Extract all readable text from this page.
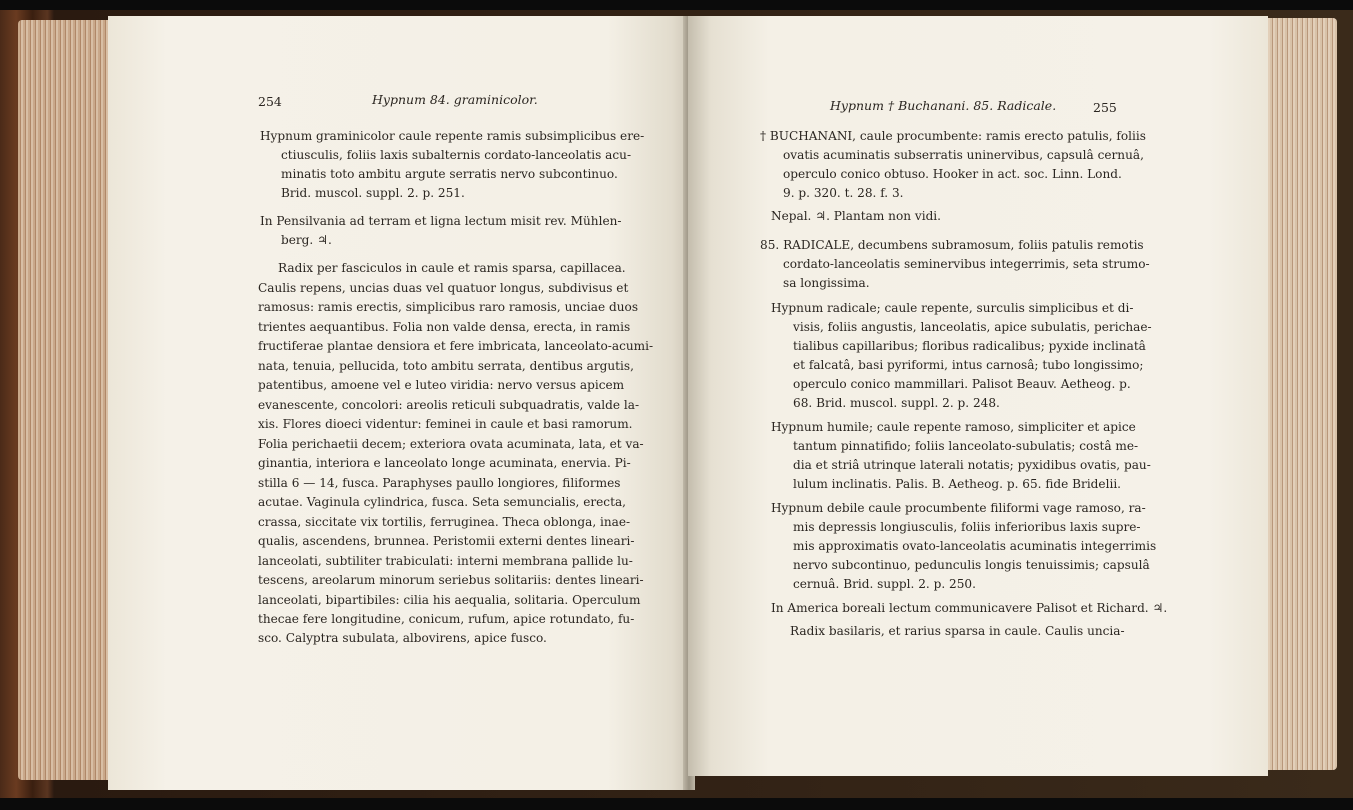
254	Hypnum 84. graminicolor.
Hypnum graminicolor caule repente ramis subsimplicibus ere-
ctiusculis, foliis laxis subalternis cordato-lanceolatis acu-
minatis toto ambitu argute serratis nervo subcontinuo.
Brid. muscol. suppl. 2. p. 251.
In Pensilvania ad terram et ligna lectum misit rev. Mühlen-
berg. ♃.
Radix per fasciculos in caule et ramis sparsa, capillacea.
Caulis repens, uncias duas vel quatuor longus, subdivisus et
ramosus: ramis erectis, simplicibus raro ramosis, unciae duos
trientes aequantibus. Folia non valde densa, erecta, in ramis
fructiferae plantae densiora et fere imbricata, lanceolato-acumi-
nata, tenuia, pellucida, toto ambitu serrata, dentibus argutis,
patentibus, amoene vel e luteo viridia: nervo versus apicem
evanescente, concolori: areolis reticuli subquadratis, valde la-
xis. Flores dioeci videntur: feminei in caule et basi ramorum.
Folia perichaetii decem; exteriora ovata acuminata, lata, et va-
ginantia, interiora e lanceolato longe acuminata, enervia. Pi-
stilla 6 — 14, fusca. Paraphyses paullo longiores, filiformes
acutae. Vaginula cylindrica, fusca. Seta semuncialis, erecta,
crassa, siccitate vix tortilis, ferruginea. Theca oblonga, inae-
qualis, ascendens, brunnea. Peristomii externi dentes lineari-
lanceolati, subtiliter trabiculati: interni membrana pallide lu-
tescens, areolarum minorum seriebus solitariis: dentes lineari-
lanceolati, bipartibiles: cilia his aequalia, solitaria. Operculum
thecae fere longitudine, conicum, rufum, apice rotundato, fu-
sco. Calyptra subulata, albovirens, apice fusco.
Hypnum † Buchanani. 85. Radicale.	255
† BUCHANANI, caule procumbente: ramis erecto patulis, foliis
ovatis acuminatis subserratis uninervibus, capsulâ cernuâ,
operculo conico obtuso. Hooker in act. soc. Linn. Lond.
9. p. 320. t. 28. f. 3.
Nepal. ♃. Plantam non vidi.
85. RADICALE, decumbens subramosum, foliis patulis remotis
cordato-lanceolatis seminervibus integerrimis, seta strumo-
sa longissima.
Hypnum radicale; caule repente, surculis simplicibus et di-
visis, foliis angustis, lanceolatis, apice subulatis, perichae-
tialibus capillaribus; floribus radicalibus; pyxide inclinatâ
et falcatâ, basi pyriformi, intus carnosâ; tubo longissimo;
operculo conico mammillari. Palisot Beauv. Aetheog. p.
68. Brid. muscol. suppl. 2. p. 248.
Hypnum humile; caule repente ramoso, simpliciter et apice
tantum pinnatifido; foliis lanceolato-subulatis; costâ me-
dia et striâ utrinque laterali notatis; pyxidibus ovatis, pau-
lulum inclinatis. Palis. B. Aetheog. p. 65. fide Bridelii.
Hypnum debile caule procumbente filiformi vage ramoso, ra-
mis depressis longiusculis, foliis inferioribus laxis supre-
mis approximatis ovato-lanceolatis acuminatis integerrimis
nervo subcontinuo, pedunculis longis tenuissimis; capsulâ
cernuâ. Brid. suppl. 2. p. 250.
In America boreali lectum communicavere Palisot et Richard. ♃.
Radix basilaris, et rarius sparsa in caule. Caulis uncia-
